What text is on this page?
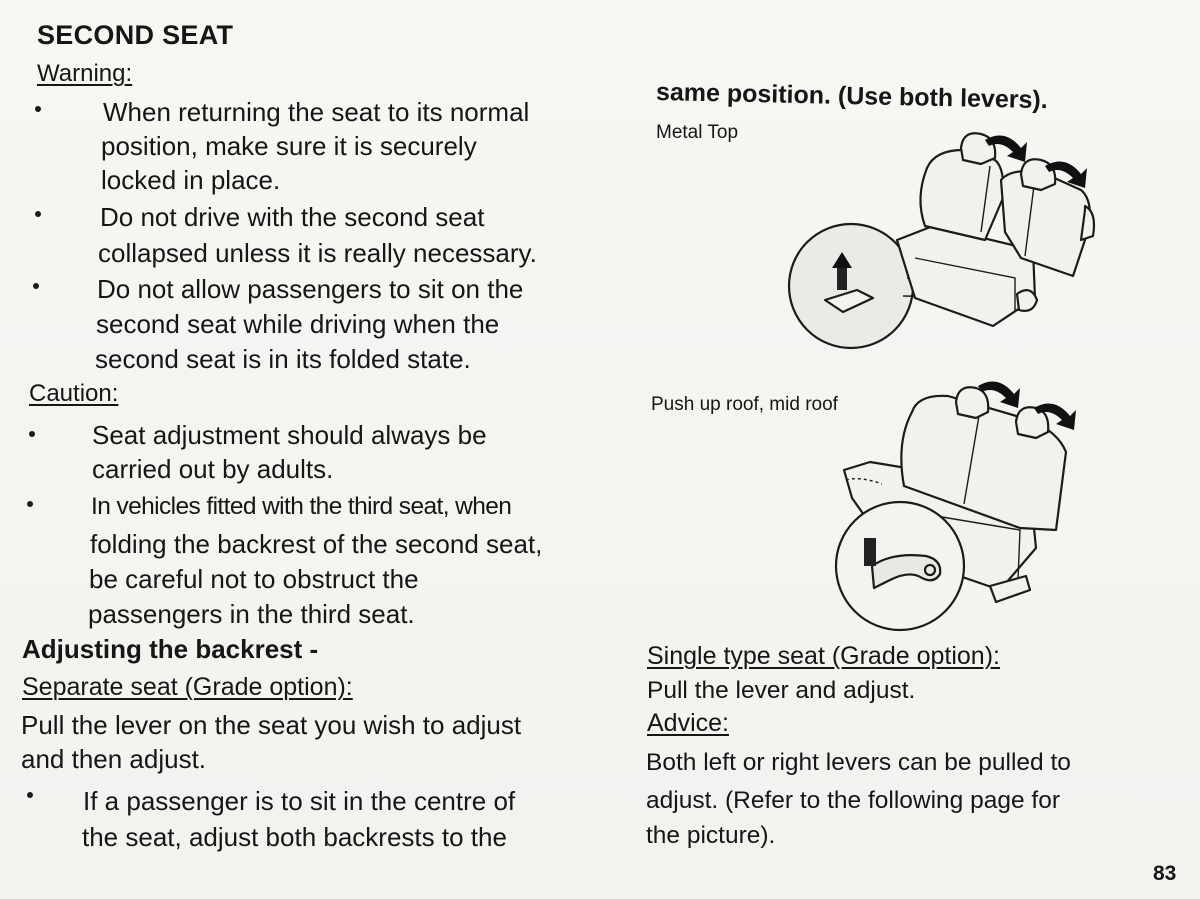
SECOND SEAT
Warning:
When returning the seat to its normal
position, make sure it is securely
locked in place.
Do not drive with the second seat
collapsed unless it is really necessary.
Do not allow passengers to sit on the
second seat while driving when the
second seat is in its folded state.
Caution:
Seat adjustment should always be
carried out by adults.
In vehicles fitted with the third seat, when
folding the backrest of the second seat,
be careful not to obstruct the
passengers in the third seat.
Adjusting the backrest -
Separate seat (Grade option):
Pull the lever on the seat you wish to adjust
and then adjust.
If a passenger is to sit in the centre of
the seat, adjust both backrests to the
same position. (Use both levers).
Metal Top
Push up roof, mid roof
Single type seat (Grade option):
Pull the lever and adjust.
Advice:
Both left or right levers can be pulled to
adjust. (Refer to the following page for
the picture).
83
